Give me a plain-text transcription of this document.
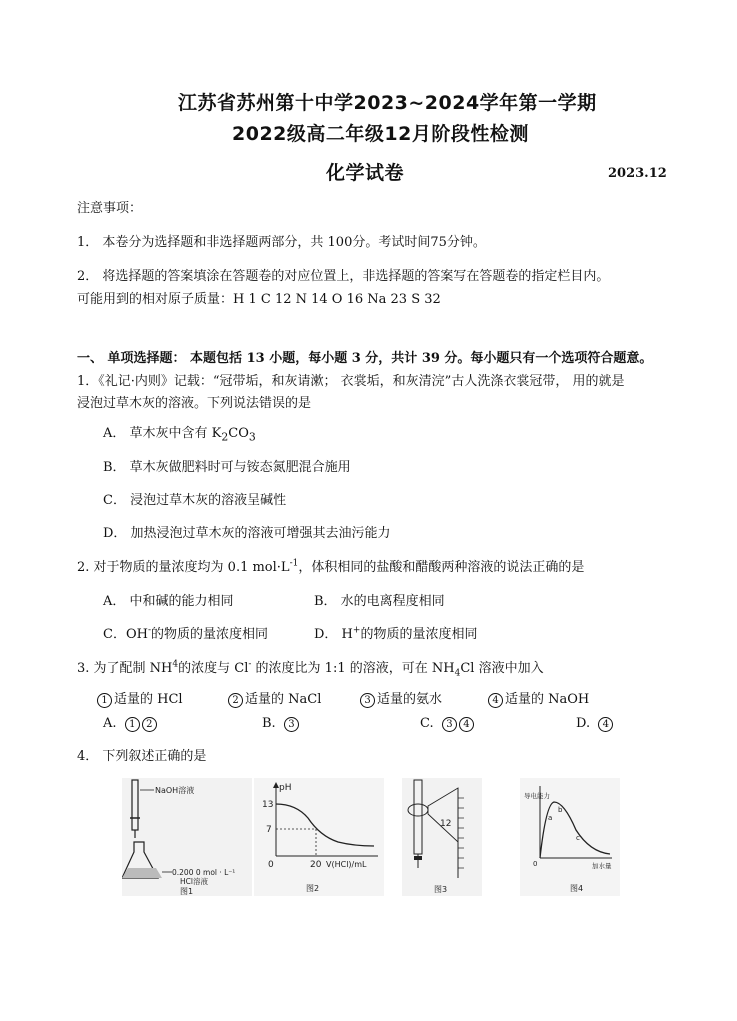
江苏省苏州第十中学2023~2024学年第一学期
2022级高二年级12月阶段性检测
化学试卷	2023.12
注意事项：
1． 本卷分为选择题和非选择题两部分，共 100分。考试时间75分钟。
2． 将选择题的答案填涂在答题卷的对应位置上，非选择题的答案写在答题卷的指定栏目内。
可能用到的相对原子质量：H 1 C 12 N 14 O 16 Na 23 S 32
一、 单项选择题： 本题包括 13 小题，每小题 3 分，共计 39 分。每小题只有一个选项符合题意。
1．《礼记·内则》记载：“冠带垢，和灰请漱； 衣裳垢，和灰清浣”古人洗涤衣裳冠带， 用的就是
浸泡过草木灰的溶液。下列说法错误的是
A． 草木灰中含有 $K_2CO_3$
B． 草木灰做肥料时可与铵态氮肥混合施用
C． 浸泡过草木灰的溶液呈碱性
D． 加热浸泡过草木灰的溶液可增强其去油污能力
2. 对于物质的量浓度均为 0.1 $mol\cdot L^{-1}$，体积相同的盐酸和醋酸两种溶液的说法正确的是
A． 中和碱的能力相同	B． 水的电离程度相同
C．OH-的物质的量浓度相同	D． H+的物质的量浓度相同
3. 为了配制 $NH^4$的浓度与 Cl- 的浓度比为 1:1 的溶液，可在 $NH_4Cl$ 溶液中加入
1 适量的 HCl	2 适量的 NaCl	3 适量的氨水	4 适量的 NaOH
A. 1 2	B. 3	C. 3 4	D. 4
4． 下列叙述正确的是
NaOH溶液
0.200 0 mol · L⁻¹
HCl溶液
图1
pH
13
7
0	20 V(HCl)/mL
图2
12
图3
导电能力
a
b
c
0	加水量
图4
